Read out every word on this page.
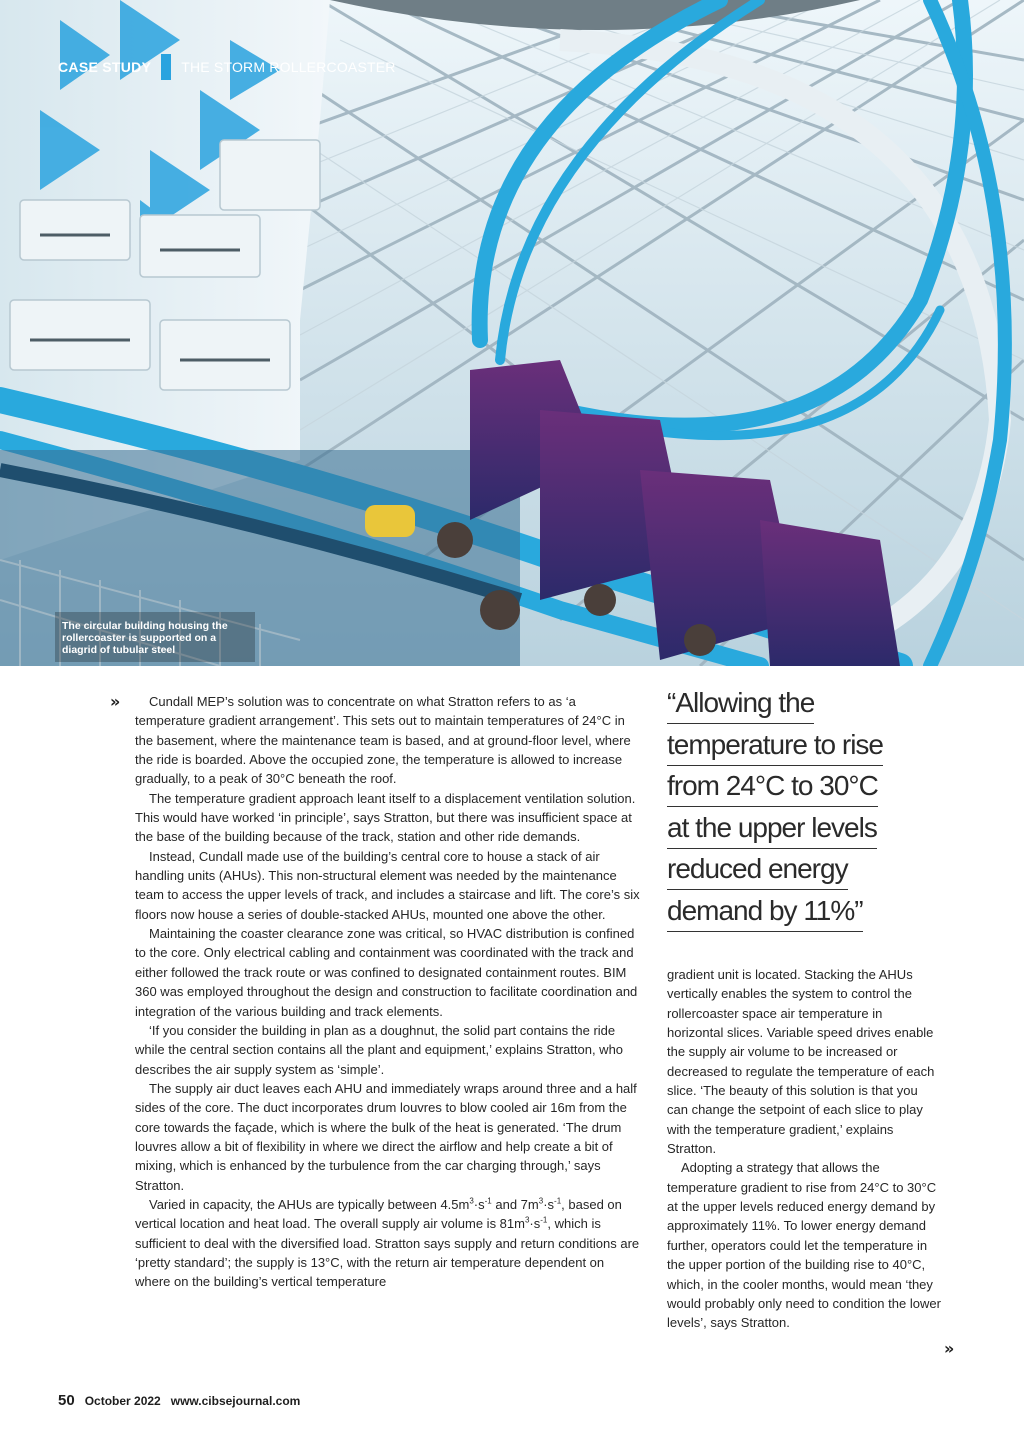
CASE STUDY THE STORM ROLLERCOASTER
The circular building housing the rollercoaster is supported on a diagrid of tubular steel
»	Cundall MEP’s solution was to concentrate on what Stratton refers to as ‘a temperature gradient arrangement’. This sets out to maintain temperatures of 24°C in the basement, where the maintenance team is based, and at ground-floor level, where the ride is boarded. Above the occupied zone, the temperature is allowed to increase gradually, to a peak of 30°C beneath the roof.

The temperature gradient approach leant itself to a displacement ventilation solution. This would have worked ‘in principle’, says Stratton, but there was insufficient space at the base of the building because of the track, station and other ride demands.

Instead, Cundall made use of the building’s central core to house a stack of air handling units (AHUs). This non-structural element was needed by the maintenance team to access the upper levels of track, and includes a staircase and lift. The core’s six floors now house a series of double-stacked AHUs, mounted one above the other.

Maintaining the coaster clearance zone was critical, so HVAC distribution is confined to the core. Only electrical cabling and containment was coordinated with the track and either followed the track route or was confined to designated containment routes. BIM 360 was employed throughout the design and construction to facilitate coordination and integration of the various building and track elements.

‘If you consider the building in plan as a doughnut, the solid part contains the ride while the central section contains all the plant and equipment,’ explains Stratton, who describes the air supply system as ‘simple’.

The supply air duct leaves each AHU and immediately wraps around three and a half sides of the core. The duct incorporates drum louvres to blow cooled air 16m from the core towards the façade, which is where the bulk of the heat is generated. ‘The drum louvres allow a bit of flexibility in where we direct the airflow and help create a bit of mixing, which is enhanced by the turbulence from the car charging through,’ says Stratton.

Varied in capacity, the AHUs are typically between $4.5m^3\cdot s^{-1}$ and $7m^3\cdot s^{-1}$, based on vertical location and heat load. The overall supply air volume is $81m^3\cdot s^{-1}$, which is sufficient to deal with the diversified load. Stratton says supply and return conditions are ‘pretty standard’; the supply is 13°C, with the return air temperature dependent on where on the building’s vertical temperature

“Allowing the
temperature to rise
from 24°C to 30°C
at the upper levels
reduced energy
demand by 11%”

gradient unit is located. Stacking the AHUs vertically enables the system to control the rollercoaster space air temperature in horizontal slices. Variable speed drives enable the supply air volume to be increased or decreased to regulate the temperature of each slice. ‘The beauty of this solution is that you can change the setpoint of each slice to play with the temperature gradient,’ explains Stratton.

Adopting a strategy that allows the temperature gradient to rise from 24°C to 30°C at the upper levels reduced energy demand by approximately 11%. To lower energy demand further, operators could let the temperature in the upper portion of the building rise to 40°C, which, in the cooler months, would mean ‘they would probably only need to condition the lower levels’, says Stratton.

»
50 October 2022 www.cibsejournal.com
